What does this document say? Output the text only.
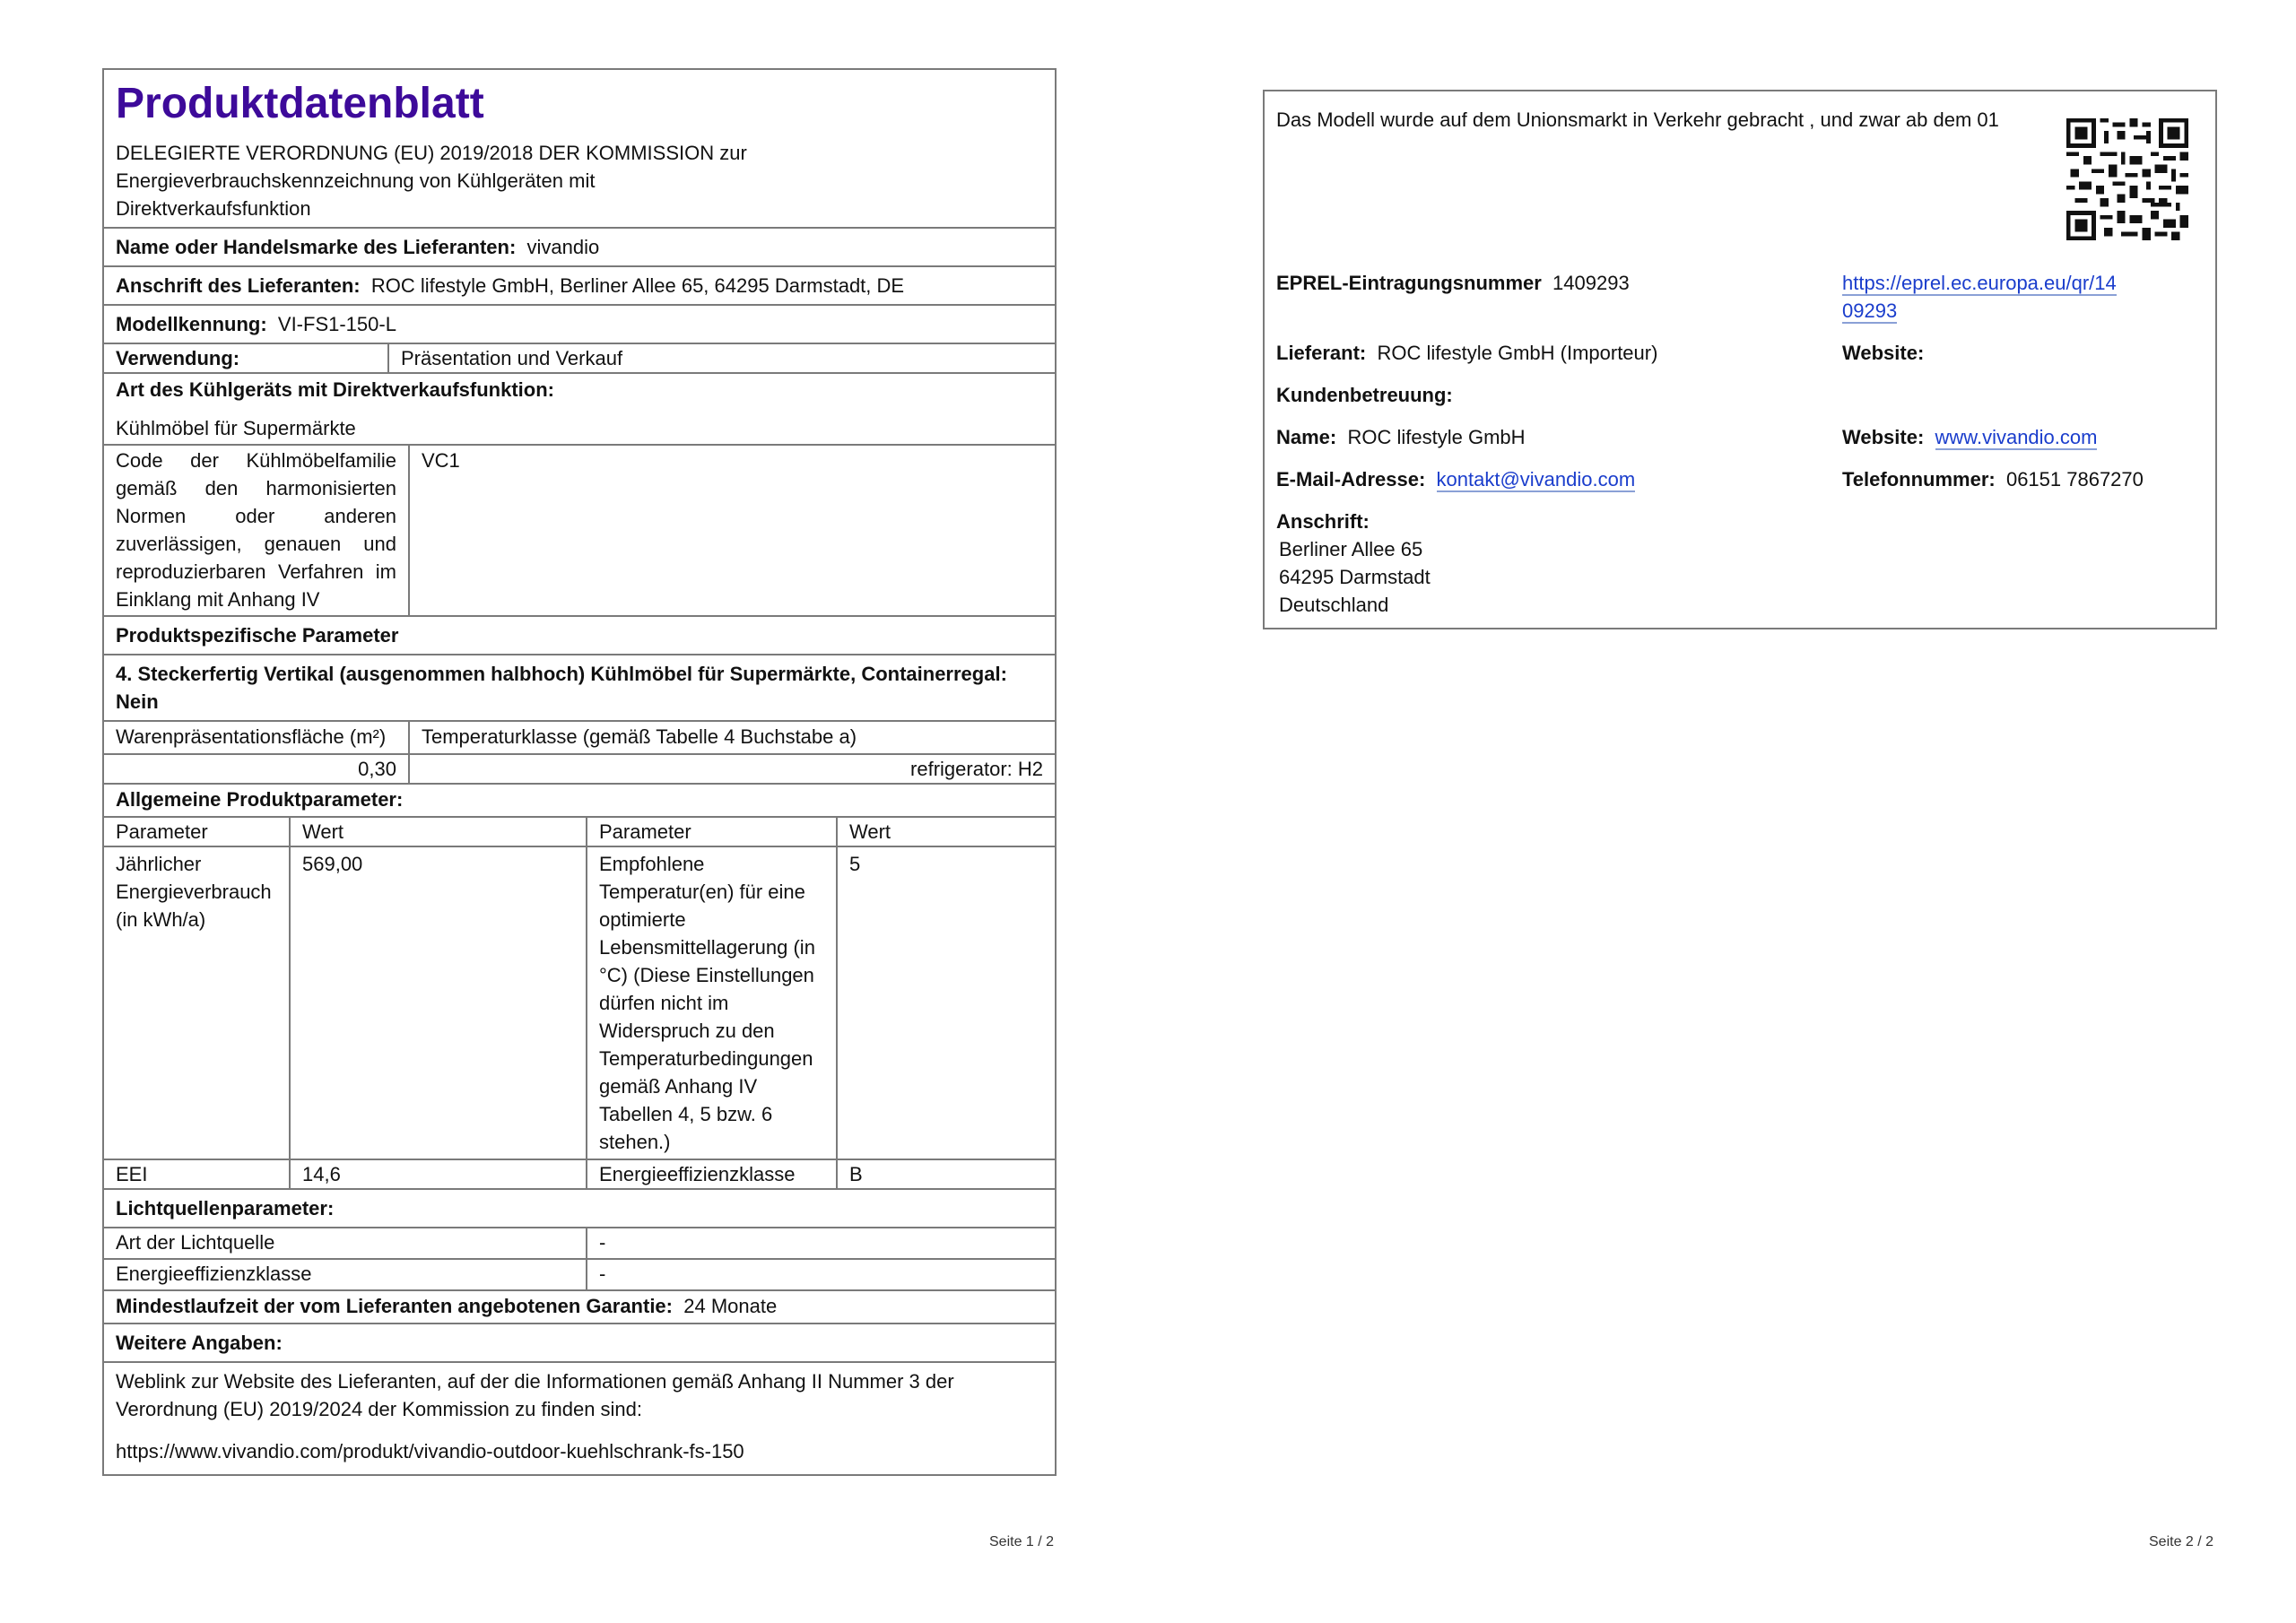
Produktdatenblatt
DELEGIERTE VERORDNUNG (EU) 2019/2018 DER KOMMISSION zur Energieverbrauchskennzeichnung von Kühlgeräten mit Direktverkaufsfunktion
Name oder Handelsmarke des Lieferanten: vivandio
Anschrift des Lieferanten: ROC lifestyle GmbH, Berliner Allee 65, 64295 Darmstadt, DE
Modellkennung: VI-FS1-150-L
Verwendung:	Präsentation und Verkauf
Art des Kühlgeräts mit Direktverkaufsfunktion:
Kühlmöbel für Supermärkte
Code der Kühlmöbelfamilie gemäß den harmonisierten Normen oder anderen zuverlässigen, genauen und reproduzierbaren Verfahren im Einklang mit Anhang IV	VC1
Produktspezifische Parameter
4. Steckerfertig Vertikal (ausgenommen halbhoch) Kühlmöbel für Supermärkte, Containerregal: Nein
Warenpräsentationsfläche (m²)	Temperaturklasse (gemäß Tabelle 4 Buchstabe a)
0,30	refrigerator: H2
Allgemeine Produktparameter:
Parameter	Wert	Parameter	Wert
Jährlicher Energieverbrauch (in kWh/a)	569,00	Empfohlene Temperatur(en) für eine optimierte Lebensmittellagerung (in °C) (Diese Einstellungen dürfen nicht im Widerspruch zu den Temperaturbedingungen gemäß Anhang IV Tabellen 4, 5 bzw. 6 stehen.)	5
EEI	14,6	Energieeffizienzklasse	B
Lichtquellenparameter:
Art der Lichtquelle	-
Energieeffizienzklasse	-
Mindestlaufzeit der vom Lieferanten angebotenen Garantie: 24 Monate
Weitere Angaben:
Weblink zur Website des Lieferanten, auf der die Informationen gemäß Anhang II Nummer 3 der Verordnung (EU) 2019/2024 der Kommission zu finden sind:
https://www.vivandio.com/produkt/vivandio-outdoor-kuehlschrank-fs-150
Seite 1 / 2
Das Modell wurde auf dem Unionsmarkt in Verkehr gebracht , und zwar ab dem 01
EPREL-Eintragungsnummer 1409293	https://eprel.ec.europa.eu/qr/14
09293
Lieferant: ROC lifestyle GmbH (Importeur)	Website:
Kundenbetreuung:
Name: ROC lifestyle GmbH	Website: www.vivandio.com
E-Mail-Adresse: kontakt@vivandio.com	Telefonnummer: 06151 7867270
Anschrift:
Berliner Allee 65
64295 Darmstadt
Deutschland
Seite 2 / 2
